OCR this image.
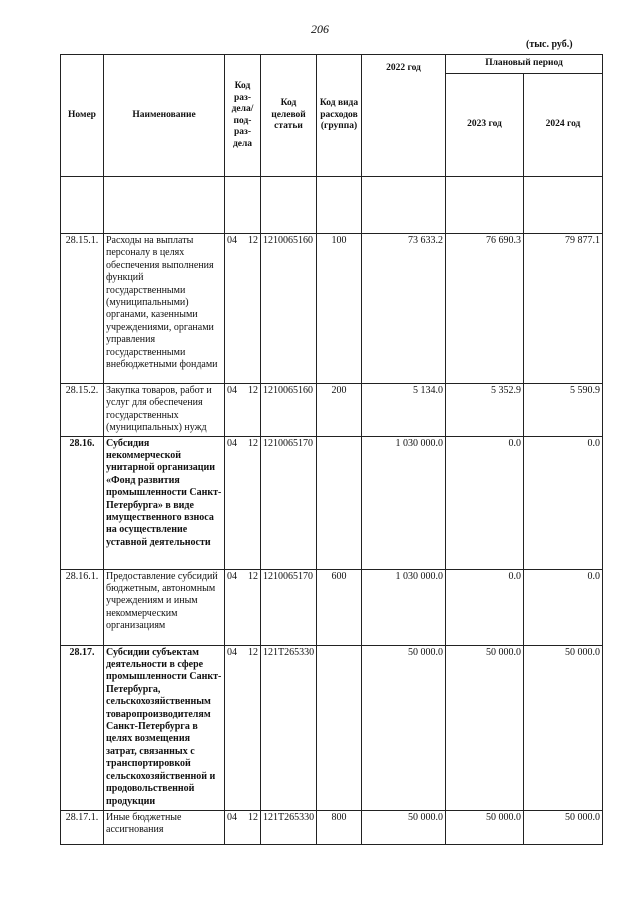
206
(тыс. руб.)
Номер	Наименование	Код раз-дела/ под-раз-дела	Код целевой статьи	Код вида расходов (группа)	2022 год	Плановый период	
						2023 год	2024 год

28.15.1.	Расходы на выплаты персоналу в целях обеспечения выполнения функций государственными (муниципальными) органами, казенными учреждениями, органами управления государственными внебюджетными фондами	04 12	1210065160	100	73 633.2	76 690.3	79 877.1
28.15.2.	Закупка товаров, работ и услуг для обеспечения государственных (муниципальных) нужд	04 12	1210065160	200	5 134.0	5 352.9	5 590.9
28.16.	Субсидия некоммерческой унитарной организации «Фонд развития промышленности Санкт-Петербурга» в виде имущественного взноса на осуществление уставной деятельности	04 12	1210065170		1 030 000.0	0.0	0.0
28.16.1.	Предоставление субсидий бюджетным, автономным учреждениям и иным некоммерческим организациям	04 12	1210065170	600	1 030 000.0	0.0	0.0
28.17.	Субсидии субъектам деятельности в сфере промышленности Санкт-Петербурга, сельскохозяйственным товаропроизводителям Санкт-Петербурга в целях возмещения затрат, связанных с транспортировкой сельскохозяйственной и продовольственной продукции	04 12	121Т265330		50 000.0	50 000.0	50 000.0
28.17.1.	Иные бюджетные ассигнования	04 12	121Т265330	800	50 000.0	50 000.0	50 000.0
